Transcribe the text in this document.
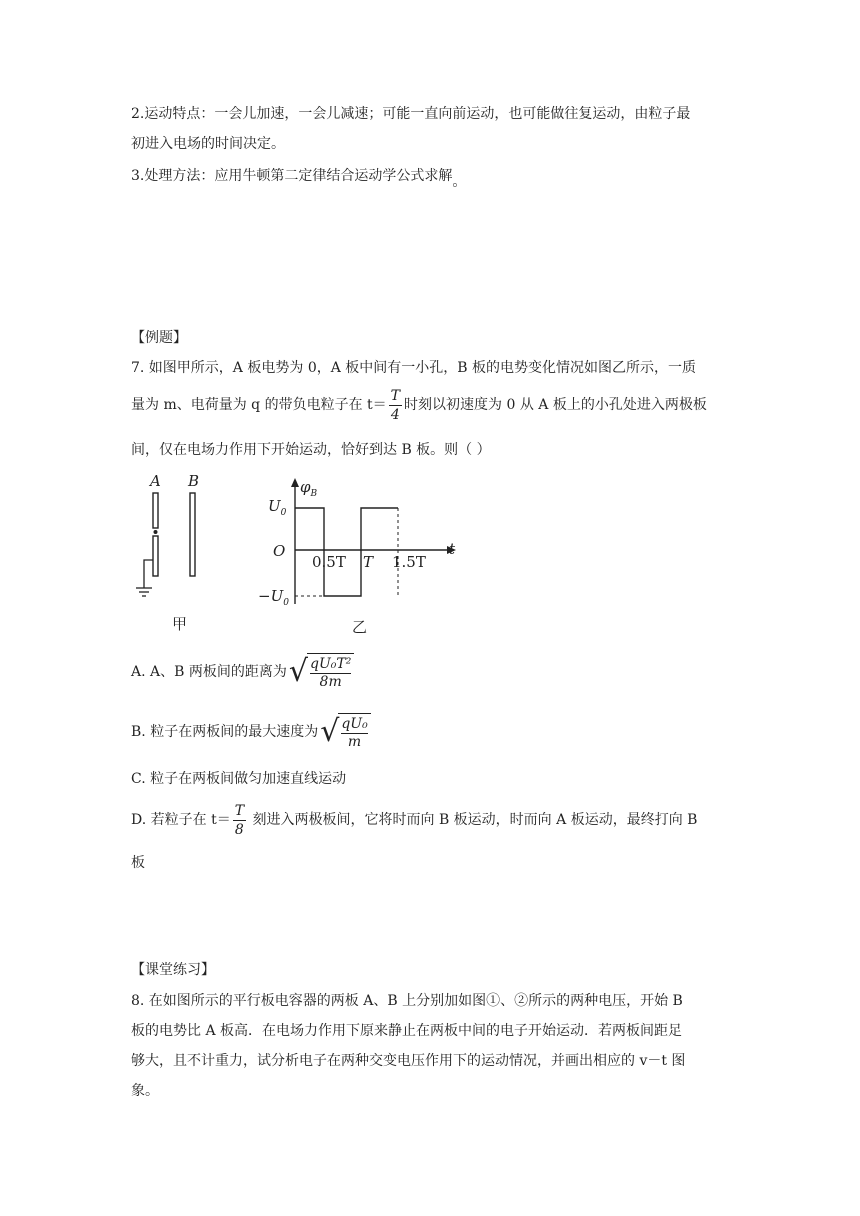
2.运动特点：一会儿加速，一会儿减速；可能一直向前运动，也可能做往复运动，由粒子最
初进入电场的时间决定。
3.处理方法：应用牛顿第二定律结合运动学公式求解。
【例题】
7. 如图甲所示，A 板电势为 0，A 板中间有一小孔，B 板的电势变化情况如图乙所示，一质
量为 m、电荷量为 q 的带负电粒子在 $t= \frac{T}{4}$ 时刻以初速度为 0 从 A 板上的小孔处进入两极板
间，仅在电场力作用下开始运动，恰好到达 B 板。则（ ）
A B
甲
$\varphi_B$
t
O
$U_0$
$-U_0$
0.5T T 1.5T
乙
A. A、B 两板间的距离为 √ $\frac{\text{qU₀T²}}{8m}$
B. 粒子在两板间的最大速度为 √ $\frac{\text{qU₀}}{m}$
C. 粒子在两板间做匀加速直线运动
D. 若粒子在 $t= \frac{T}{8}$ 刻进入两极板间，它将时而向 B 板运动，时而向 A 板运动，最终打向 B
板
【课堂练习】
8. 在如图所示的平行板电容器的两板 A、B 上分别加如图①、②所示的两种电压，开始 B
板的电势比 A 板高．在电场力作用下原来静止在两板中间的电子开始运动．若两板间距足
够大，且不计重力，试分析电子在两种交变电压作用下的运动情况，并画出相应的 v－t 图
象。
